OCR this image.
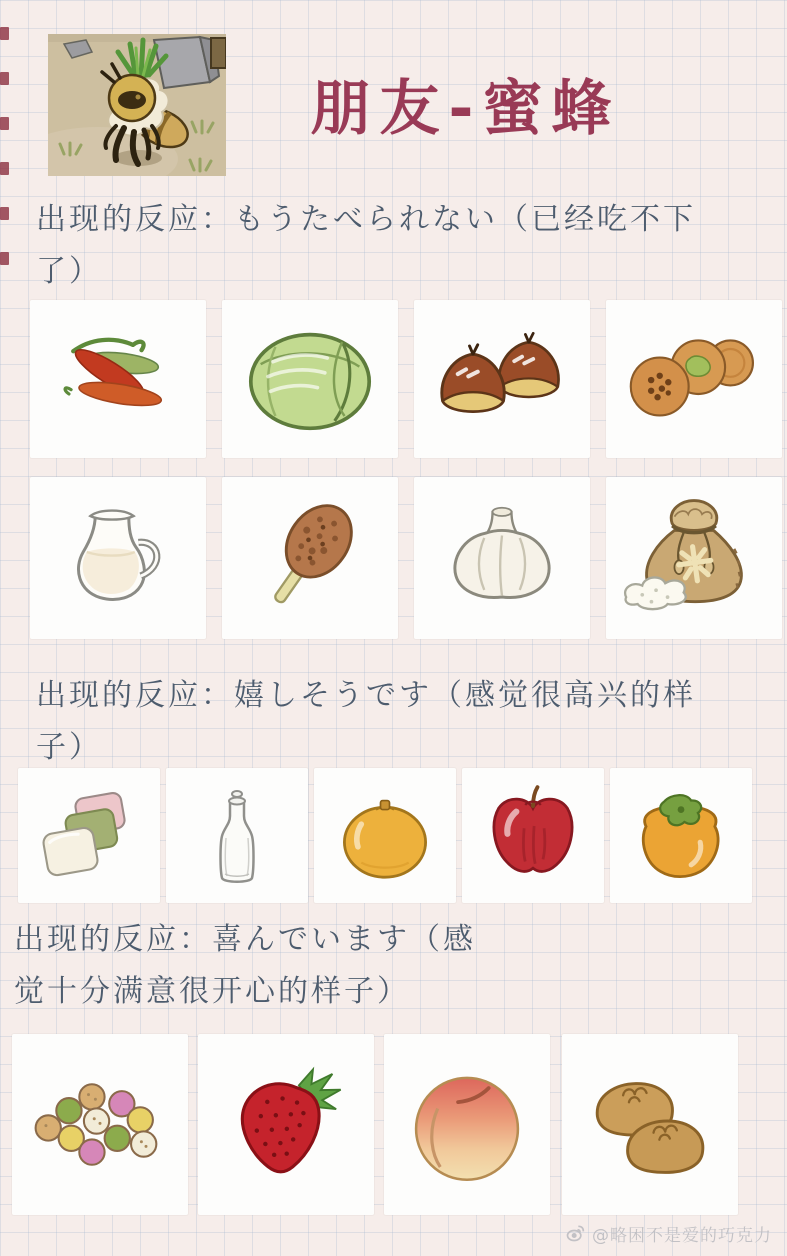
朋友-蜜蜂
出现的反应：もうたべられない（已经吃不下
了）
出现的反应：嬉しそうです（感觉很高兴的样
子）
出现的反应：喜んでいます（感
觉十分满意很开心的样子）
@略困不是爱的巧克力
